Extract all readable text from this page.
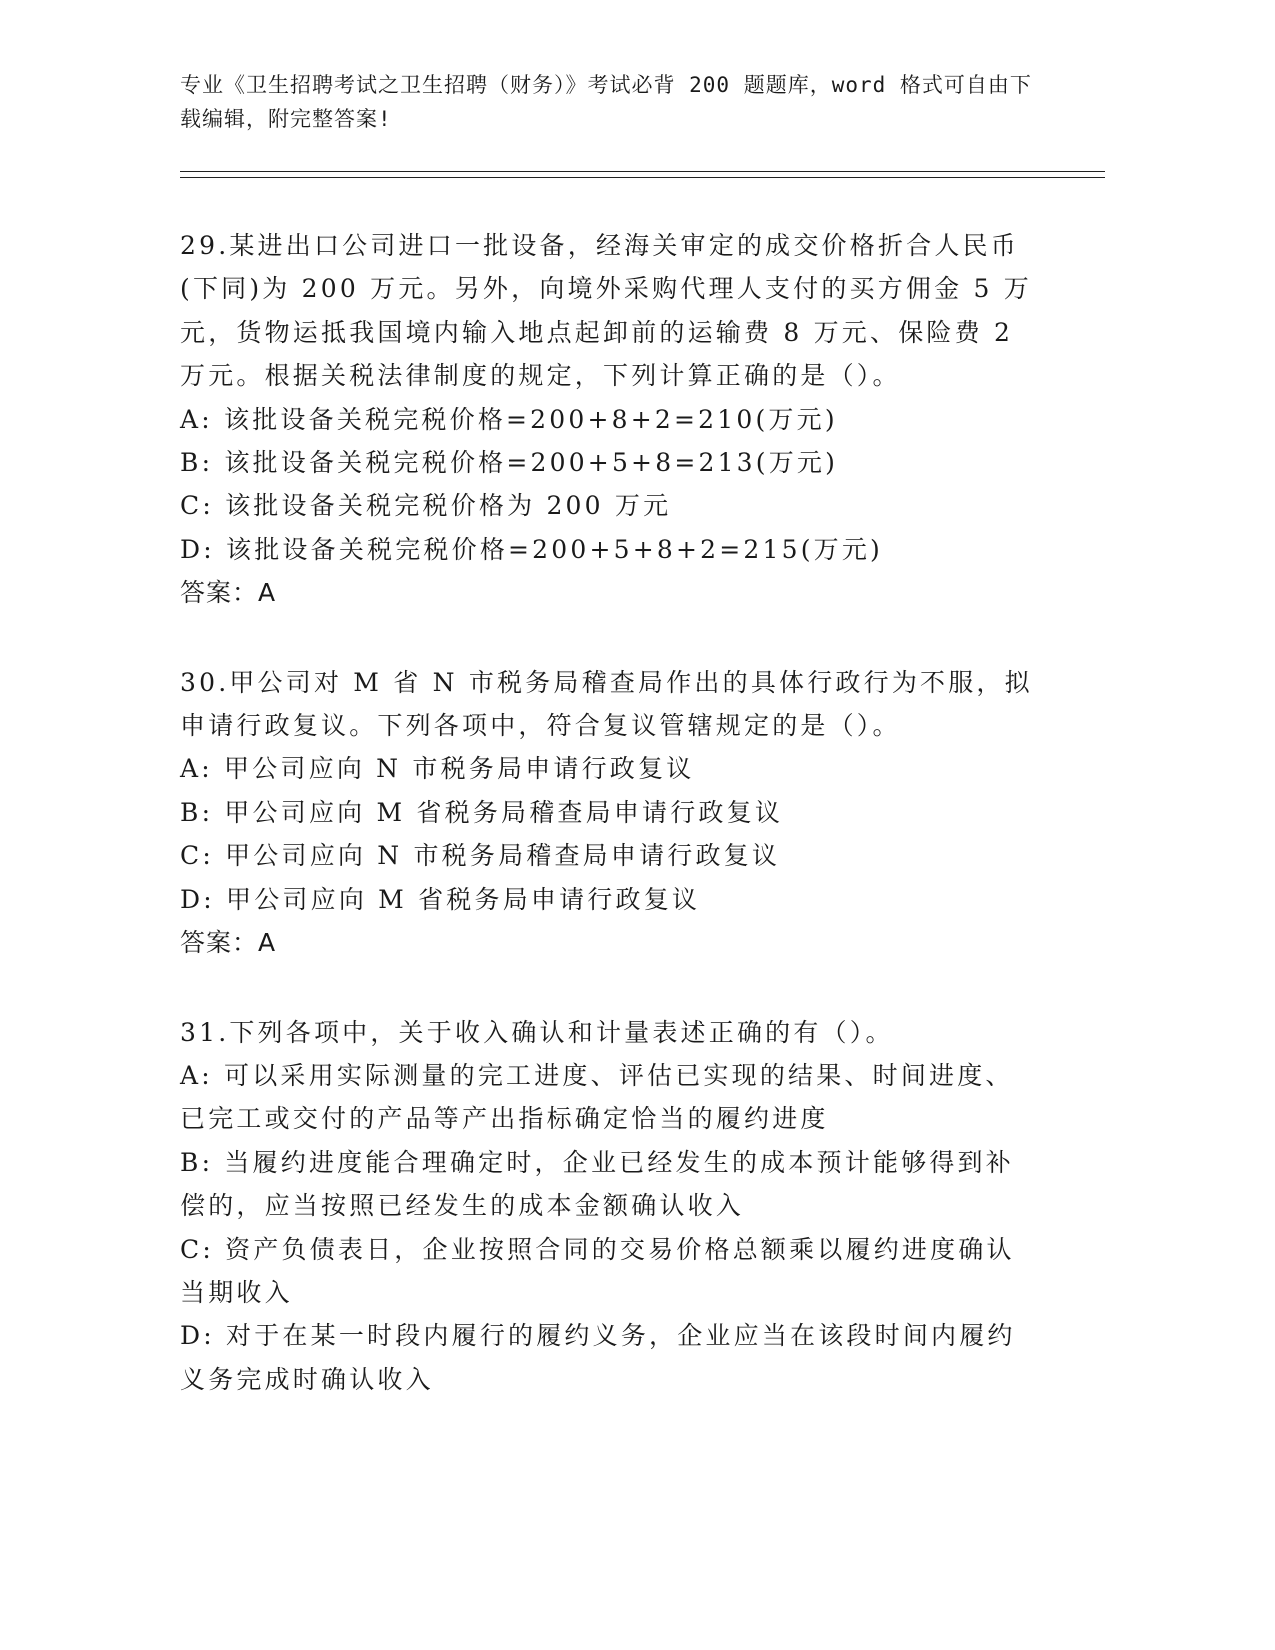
专业《卫生招聘考试之卫生招聘（财务）》考试必背 200 题题库，word 格式可自由下载编辑，附完整答案!

29.某进出口公司进口一批设备，经海关审定的成交价格折合人民币(下同)为 200 万元。另外，向境外采购代理人支付的买方佣金 5 万元，货物运抵我国境内输入地点起卸前的运输费 8 万元、保险费 2 万元。根据关税法律制度的规定，下列计算正确的是（）。

A: 该批设备关税完税价格=200+8+2=210(万元)

B: 该批设备关税完税价格=200+5+8=213(万元)

C: 该批设备关税完税价格为 200 万元

D: 该批设备关税完税价格=200+5+8+2=215(万元)

答案：A

30.甲公司对 M 省 N 市税务局稽查局作出的具体行政行为不服，拟申请行政复议。下列各项中，符合复议管辖规定的是（）。

A: 甲公司应向 N 市税务局申请行政复议

B: 甲公司应向 M 省税务局稽查局申请行政复议

C: 甲公司应向 N 市税务局稽查局申请行政复议

D: 甲公司应向 M 省税务局申请行政复议

答案：A

31.下列各项中，关于收入确认和计量表述正确的有（）。

A: 可以采用实际测量的完工进度、评估已实现的结果、时间进度、已完工或交付的产品等产出指标确定恰当的履约进度

B: 当履约进度能合理确定时，企业已经发生的成本预计能够得到补偿的，应当按照已经发生的成本金额确认收入

C: 资产负债表日，企业按照合同的交易价格总额乘以履约进度确认当期收入

D: 对于在某一时段内履行的履约义务，企业应当在该段时间内履约义务完成时确认收入
